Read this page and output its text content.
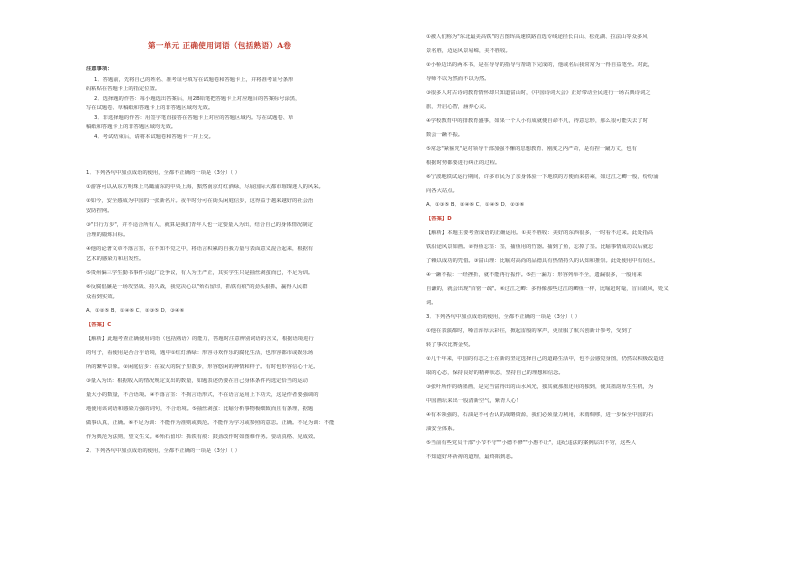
第一单元 正确使用词语（包括熟语）A卷
注意事项：
1．答题前，先将自己的姓名、准考证号填写在试题卷和答题卡上，并将准考证号条形
码粘贴在答题卡上的指定位置。
2．选择题的作答：每小题选出答案后，用2B铅笔把答题卡上对应题目的答案标号涂黑，
写在试题卷、草稿纸和答题卡上的非答题区域均无效。
3．非选择题的作答：用签字笔直接答在答题卡上对应的答题区域内。写在试题卷、草
稿纸和答题卡上的非答题区域均无效。
4．考试结束后，请将本试题卷和答题卡一并上交。
1．下列各句中加点成语的使用，全都不正确的一项是（3分）（ ）
①游客可以从东方明珠上鸟瞰浦东的中央上海，黯然南京灯红酒绿，尽展国际大都市璀璨迷人的风采。
②如今，安全感成为中国的一张新名片。夜半时分可在街头闲庭信步，这得益于越来越好的社会治
安防控网。
③"日行万步"，并不适合所有人，就算是我们青年人也一定要量入为出，结合自己的身体情况制定
合理的锻炼目标。
④他的论著文章不落言筌，在不知不觉之中，将语言积累的自我力量与表面意义混合起来，根据有
艺术的感染力和启发性。
⑤贵州偏三学生勤书事件引起广泛争议，有人为王严正，其实学生只是抽丝剥茧而已，不足为训。
⑥反腐倡廉是一场攻坚战、持久战，我党决心以"殆石留印，抓铁有痕"的劲头狠抓，赢得人民群
众看到实效。
A．①②⑤ B．①④⑥ C．②③⑤ D．③④⑥
【答案】C
【解析】此题考查正确使用词语（包括熟语）的能力，答题时注意辨别词语的含义，根据语境进行
的句子，看使用是否合乎语境，题中①红灯酒绿：形容寻欢作乐的腐化生活，也形容都市或娱乐场
所的繁华景象。②闲庭信步：在寂大的院子里散步，形容悠闲的神情和样子。有时也形容信心十足。
③量入为出：根据收入的情况规定支出的数量，如题表述仍要在自己身体条件内选定恰当的运动
量大小的数量，不合语境。④不落言筌：不拘言语形式，不在语言运用上下功夫，这是作者要强调的
地使用该词语和感染力强的词句，不合语境。⑤抽丝剥茧：比喻分析事物极细致而且有条理，据题
做事认真，正确。⑥不足为训：不能作为准则或典范。不能作为学习或参照的意思。正确。不足为训：不能
作为典范为法则，望文生义。⑥殆石留印：抓铁有痕：鼓劲改作时如图难作务。要动真格、见成效。
2．下列各句中加点成语的使用，全都不正确的一项是（3分）（ ）
①被人们称为"东北最美高铁"的吉图珲高速铁路首选专线途径长白山、松花湖、拉法山等众多风
景名胜，迈运风景易嵘，美不胜收。
②小桥边出的两本书，是在导导的指导与帮助下完成的，他或名后我常常为一得自益笔至。对此，
导师不以为然而不以为然。
③很多人对古诗词教育情怀却只知道富山时，《中国诗词大会》正好带动全民进行一场古典诗词之
旅，开启心智，涵养心灵。
④学校教育中的排教育盛事，如果一个人小有成就便自命不凡，得意忘形，那么很可能失去了时
数会一蹶不振。
⑤常念"紧箍咒"是对领导干部加强不懈的思想教育、刚度之内严苛，是有捏一蹴万丈，也有
根据时势都要进行纠正的过程。
⑥宁波地铁试运行期间，许多市民为了亲身体验一下地铁的方便而来搭乘，如过江之鲫一般，纷纷涌
向各大站点。
A．①③⑤ B．②④⑥ C．①④⑤ D．②③⑥
【答案】D
【解析】本题主要考查成语的正确运用。①美不胜收：美好的东西很多，一时看不过来。此处指高
铁沿途风景如画。②得鱼忘筌：筌，捕鱼用的竹器。捕到了鱼，忘掉了筌。比喻事情成功以后就忘
了赖以成功的凭借。③富山理：比喻对高尚的品德具有热情持久的认知和推崇。此处使用中有误区。
④一蹶不振：一经挫折，就不能再行振作。⑤拦一漏万：形容列举不全，遗漏很多，一般用来
自谦的，就会出现"百密一疏"。⑥过江之鲫：多得像那些过江的鲫鱼一样，比喻赶时髦，盲目跟风，贬义
词。
3．下列各句中加点成语的使用，全都不正确的一项是（3分）（ ）
①他在表演都时，嗓音浑厚云彩往，掀起雷般的掌声，更征服了航兴创新计参考，受到了
转了事次比赛金奖。
②几千年来，中国的有志之士在新的坚定选择自己的道路生活中，也不会感觉身图，仍然以积极改造进
取的心态，保持良好的精神状态，坚持自己的理想和信念。
③张叶所作的绣墨画，是完当富得出的山水风光，独其就那墨还用的独到，使其墨韵厚生生机，为
中国画坛来出一股清新空气，紫青人心！
④有本领强的，石油是不可否认的战略资源，我们必须量力利用，未雨绸缪，进一步保全中国的石
油安全体系。
⑤当前有些党员干部"小节不守""小德不修""小惠不让"，违纪违法的案例层出不穷，这些人
不知道好坏祈祷的道理，最终陷到恶。
